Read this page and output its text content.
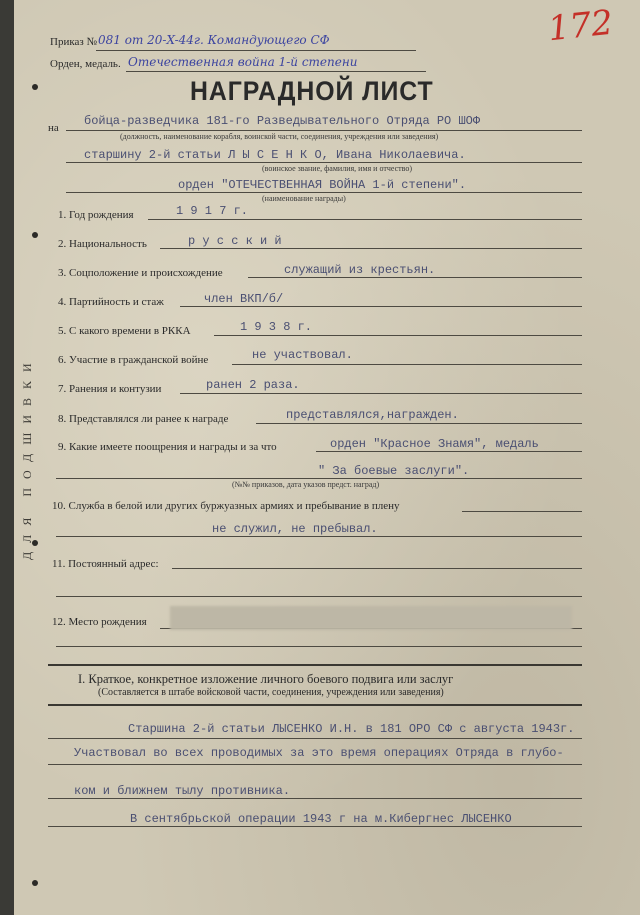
172
Приказ № 081 от 20-X-44г. Командующего СФ
Орден, медаль. Отечественная война 1-й степени
НАГРАДНОЙ ЛИСТ
на бойца-разведчика 181-го Разведывательного Отряда РО ШОФ
(должность, наименование корабля, воинской части, соединения, учреждения или заведения)
старшину 2-й статьи Л Ы С Е Н К О, Ивана Николаевича.
(воинское звание, фамилия, имя и отчество)
орден "ОТЕЧЕСТВЕННАЯ ВОЙНА 1-й степени".
(наименование награды)
1. Год рождения	1 9 1 7 г.
2. Национальность	р у с с к и й
3. Соцположение и происхождение	служащий из крестьян.
4. Партийность и стаж	член ВКП/б/
5. С какого времени в РККА	1 9 3 8 г.
6. Участие в гражданской войне	не участвовал.
7. Ранения и контузии	ранен 2 раза.
8. Представлялся ли ранее к награде	представлялся,награжден.
9. Какие имеете поощрения и награды и за что	орден "Красное Знамя", медаль
" За боевые заслуги".
(№№ приказов, дата указов предст. наград)
10. Служба в белой или других буржуазных армиях и пребывание в плену
не служил, не пребывал.
11. Постоянный адрес:
12. Место рождения
ДЛЯ ПОДШИВКИ
I. Краткое, конкретное изложение личного боевого подвига или заслуг
(Составляется в штабе войсковой части, соединения, учреждения или заведения)
Старшина 2-й статьи ЛЫСЕНКО И.Н. в 181 ОРО СФ с августа 1943г.
Участвовал во всех проводимых за это время операциях Отряда в глубо-
ком и ближнем тылу противника.
В сентябрьской операции 1943 г на м.Кибергнес ЛЫСЕНКО
